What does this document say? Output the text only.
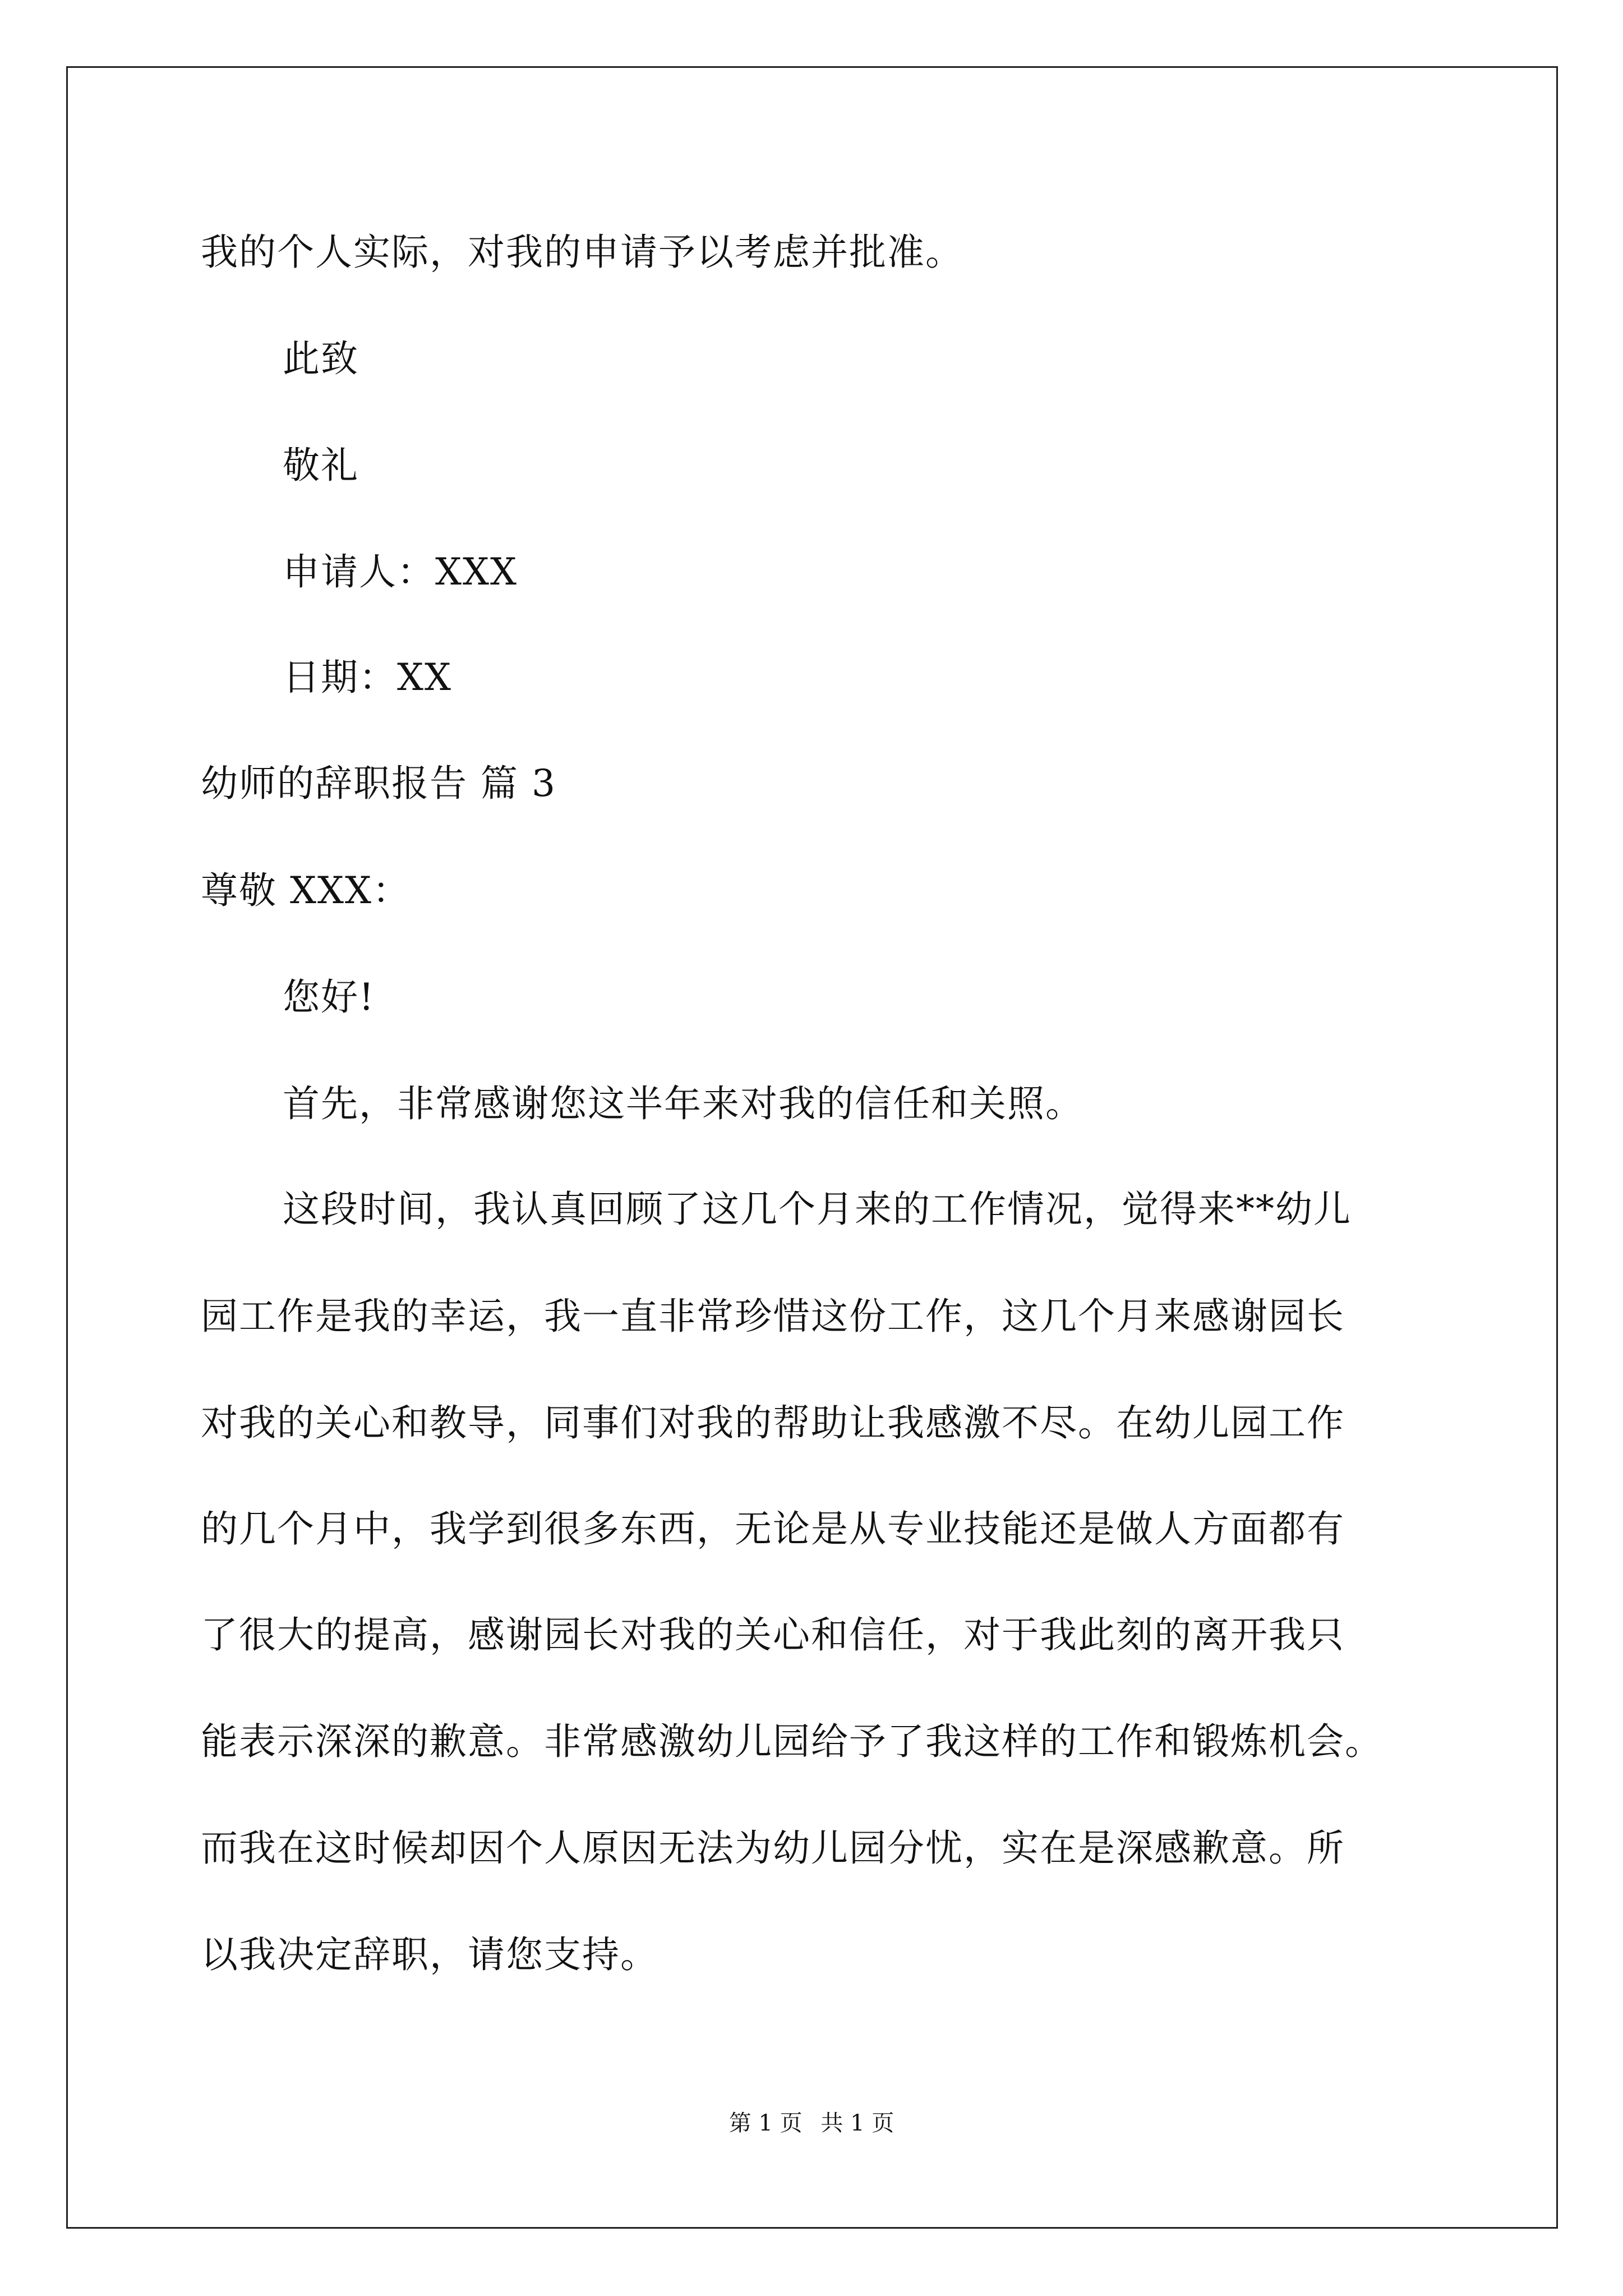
我的个人实际，对我的申请予以考虑并批准。
此致
敬礼
申请人：XXX
日期：XX
幼师的辞职报告 篇 3
尊敬 XXX：
您好!
首先，非常感谢您这半年来对我的信任和关照。
这段时间，我认真回顾了这几个月来的工作情况，觉得来**幼儿
园工作是我的幸运，我一直非常珍惜这份工作，这几个月来感谢园长
对我的关心和教导，同事们对我的帮助让我感激不尽。在幼儿园工作
的几个月中，我学到很多东西，无论是从专业技能还是做人方面都有
了很大的提高，感谢园长对我的关心和信任，对于我此刻的离开我只
能表示深深的歉意。非常感激幼儿园给予了我这样的工作和锻炼机会。
而我在这时候却因个人原因无法为幼儿园分忧，实在是深感歉意。所
以我决定辞职，请您支持。
第 1 页 共 1 页
